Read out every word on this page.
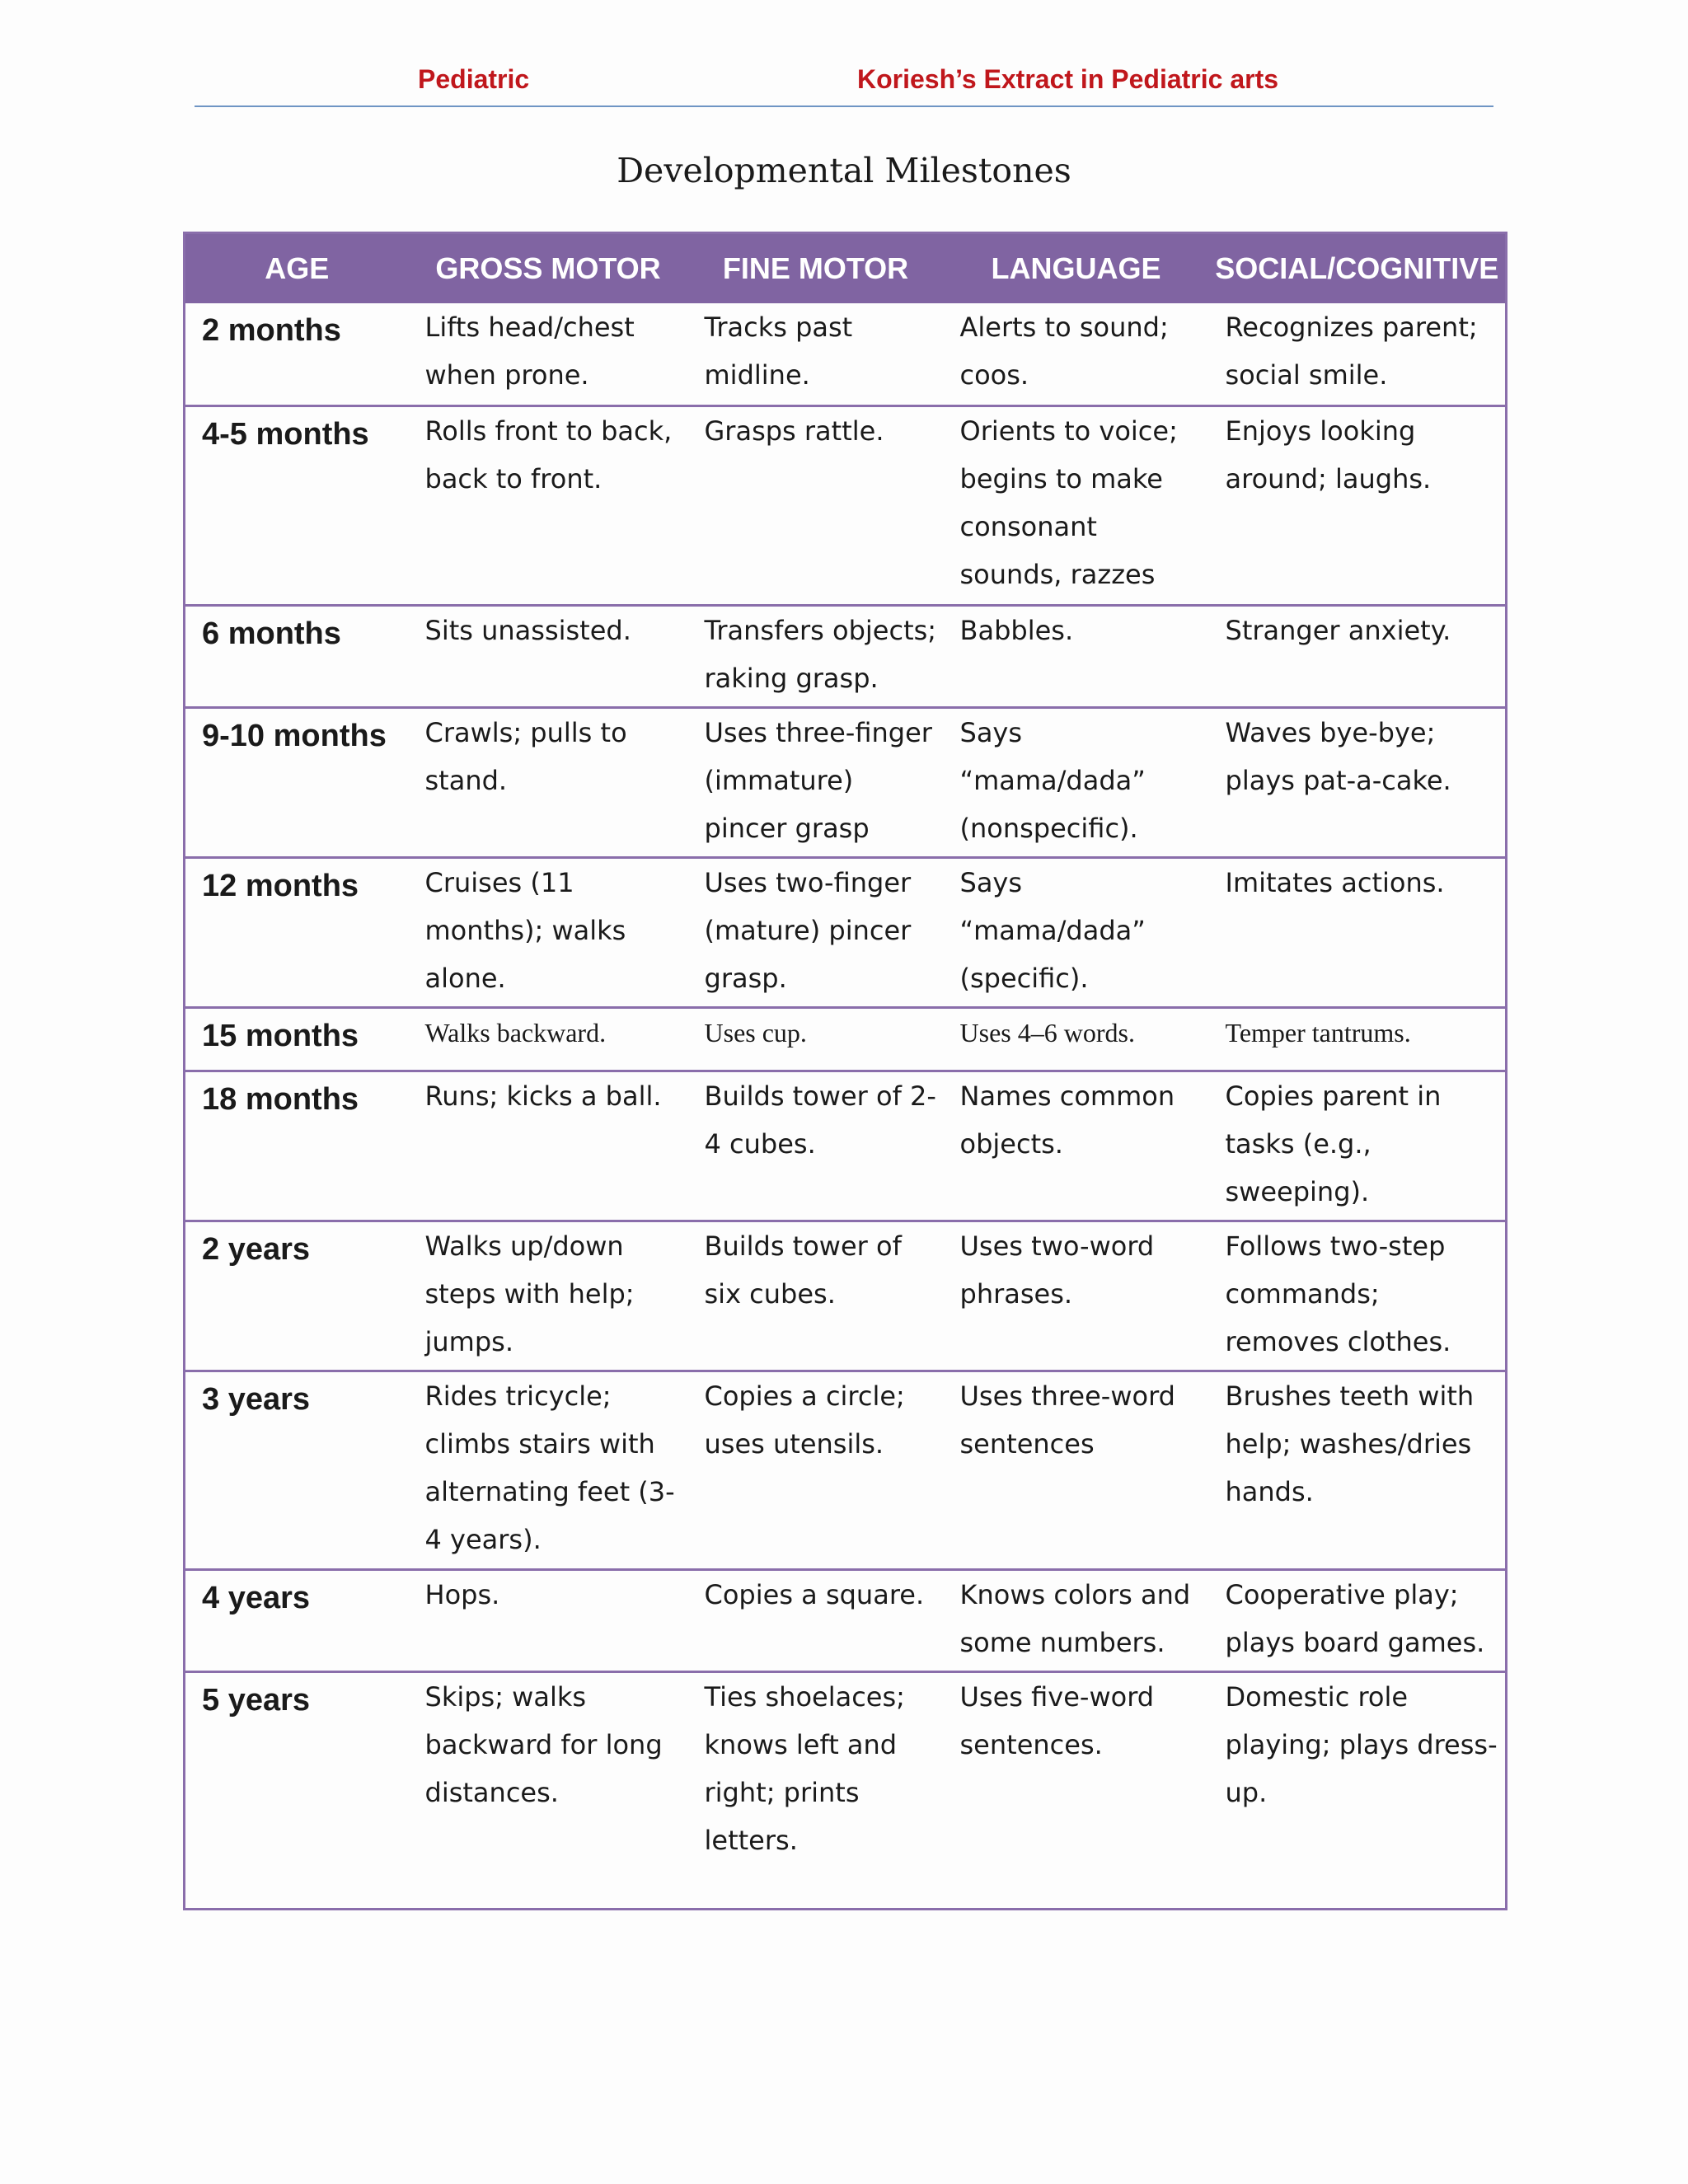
Pediatric	Koriesh’s Extract in Pediatric arts
Developmental Milestones
AGE	GROSS MOTOR	FINE MOTOR	LANGUAGE	SOCIAL/COGNITIVE
2 months	Lifts head/chest when prone.	Tracks past midline.	Alerts to sound; coos.	Recognizes parent; social smile.
4-5 months	Rolls front to back, back to front.	Grasps rattle.	Orients to voice; begins to make consonant sounds, razzes	Enjoys looking around; laughs.
6 months	Sits unassisted.	Transfers objects; raking grasp.	Babbles.	Stranger anxiety.
9-10 months	Crawls; pulls to stand.	Uses three-finger (immature) pincer grasp	Says “mama/dada” (nonspecific).	Waves bye-bye; plays pat-a-cake.
12 months	Cruises (11 months); walks alone.	Uses two-finger (mature) pincer grasp.	Says “mama/dada” (specific).	Imitates actions.
15 months	Walks backward.	Uses cup.	Uses 4–6 words.	Temper tantrums.
18 months	Runs; kicks a ball.	Builds tower of 2-4 cubes.	Names common objects.	Copies parent in tasks (e.g., sweeping).
2 years	Walks up/down steps with help; jumps.	Builds tower of six cubes.	Uses two-word phrases.	Follows two-step commands; removes clothes.
3 years	Rides tricycle; climbs stairs with alternating feet (3-4 years).	Copies a circle; uses utensils.	Uses three-word sentences	Brushes teeth with help; washes/dries hands.
4 years	Hops.	Copies a square.	Knows colors and some numbers.	Cooperative play; plays board games.
5 years	Skips; walks backward for long distances.	Ties shoelaces; knows left and right; prints letters.	Uses five-word sentences.	Domestic role playing; plays dress-up.
